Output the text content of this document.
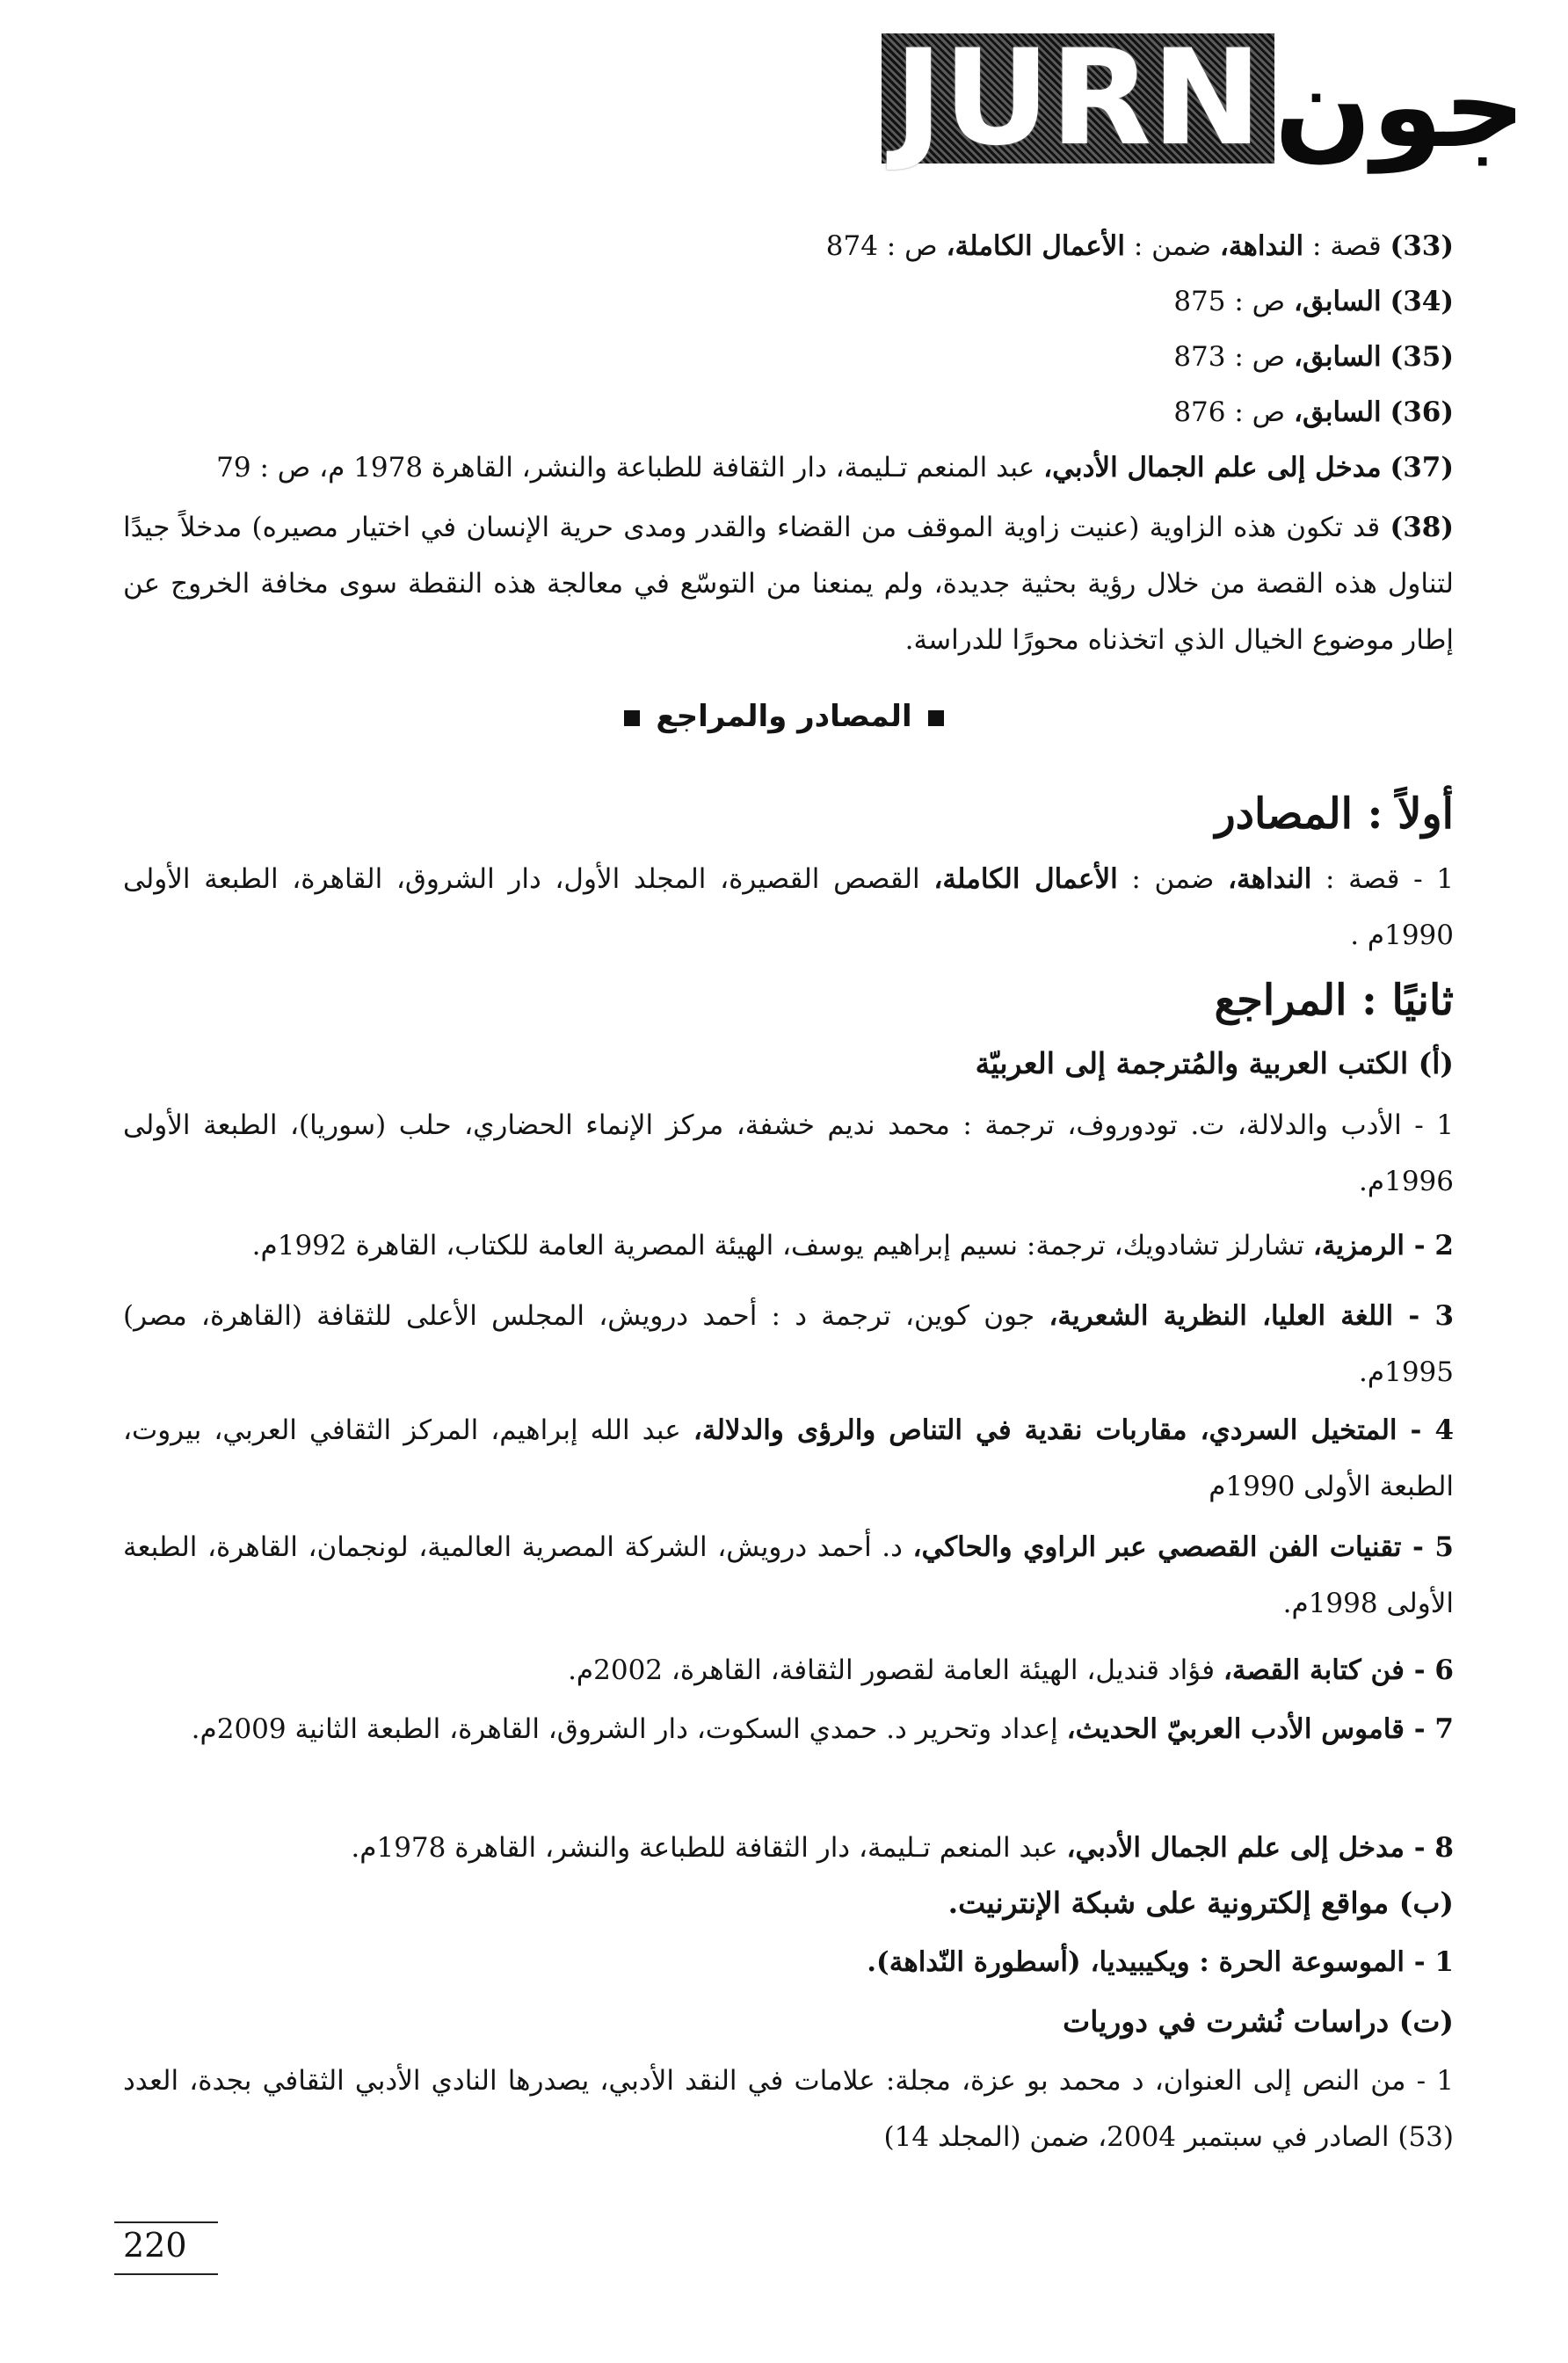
J U R N جون
(33) قصة : النداهة، ضمن : الأعمال الكاملة، ص : 874
(34) السابق، ص : 875
(35) السابق، ص : 873
(36) السابق، ص : 876
(37) مدخل إلى علم الجمال الأدبي، عبد المنعم تـليمة، دار الثقافة للطباعة والنشر، القاهرة 1978 م، ص : 79
(38) قد تكون هذه الزاوية (عنيت زاوية الموقف من القضاء والقدر ومدى حرية الإنسان في اختيار مصيره) مدخلاً جيدًا لتناول هذه القصة من خلال رؤية بحثية جديدة، ولم يمنعنا من التوسّع في معالجة هذه النقطة سوى مخافة الخروج عن إطار موضوع الخيال الذي اتخذناه محورًا للدراسة.
المصادر والمراجع
أولاً : المصادر
1 - قصة : النداهة، ضمن : الأعمال الكاملة، القصص القصيرة، المجلد الأول، دار الشروق، القاهرة، الطبعة الأولى 1990م .
ثانيًا : المراجع
(أ) الكتب العربية والمُترجمة إلى العربيّة
1 - الأدب والدلالة، ت. تودوروف، ترجمة : محمد نديم خشفة، مركز الإنماء الحضاري، حلب (سوريا)، الطبعة الأولى 1996م.
2 - الرمزية، تشارلز تشادويك، ترجمة: نسيم إبراهيم يوسف، الهيئة المصرية العامة للكتاب، القاهرة 1992م.
3 - اللغة العليا، النظرية الشعرية، جون كوين، ترجمة د : أحمد درويش، المجلس الأعلى للثقافة (القاهرة، مصر) 1995م.
4 - المتخيل السردي، مقاربات نقدية في التناص والرؤى والدلالة، عبد الله إبراهيم، المركز الثقافي العربي، بيروت، الطبعة الأولى 1990م
5 - تقنيات الفن القصصي عبر الراوي والحاكي، د. أحمد درويش، الشركة المصرية العالمية، لونجمان، القاهرة، الطبعة الأولى 1998م.
6 - فن كتابة القصة، فؤاد قنديل، الهيئة العامة لقصور الثقافة، القاهرة، 2002م.
7 - قاموس الأدب العربيّ الحديث، إعداد وتحرير د. حمدي السكوت، دار الشروق، القاهرة، الطبعة الثانية 2009م.
8 - مدخل إلى علم الجمال الأدبي، عبد المنعم تـليمة، دار الثقافة للطباعة والنشر، القاهرة 1978م.
(ب) مواقع إلكترونية على شبكة الإنترنيت.
1 - الموسوعة الحرة : ويكيبيديا، (أسطورة النّداهة).
(ت) دراسات نُشرت في دوريات
1 - من النص إلى العنوان، د محمد بو عزة، مجلة: علامات في النقد الأدبي، يصدرها النادي الأدبي الثقافي بجدة، العدد (53) الصادر في سبتمبر 2004، ضمن (المجلد 14)
220
